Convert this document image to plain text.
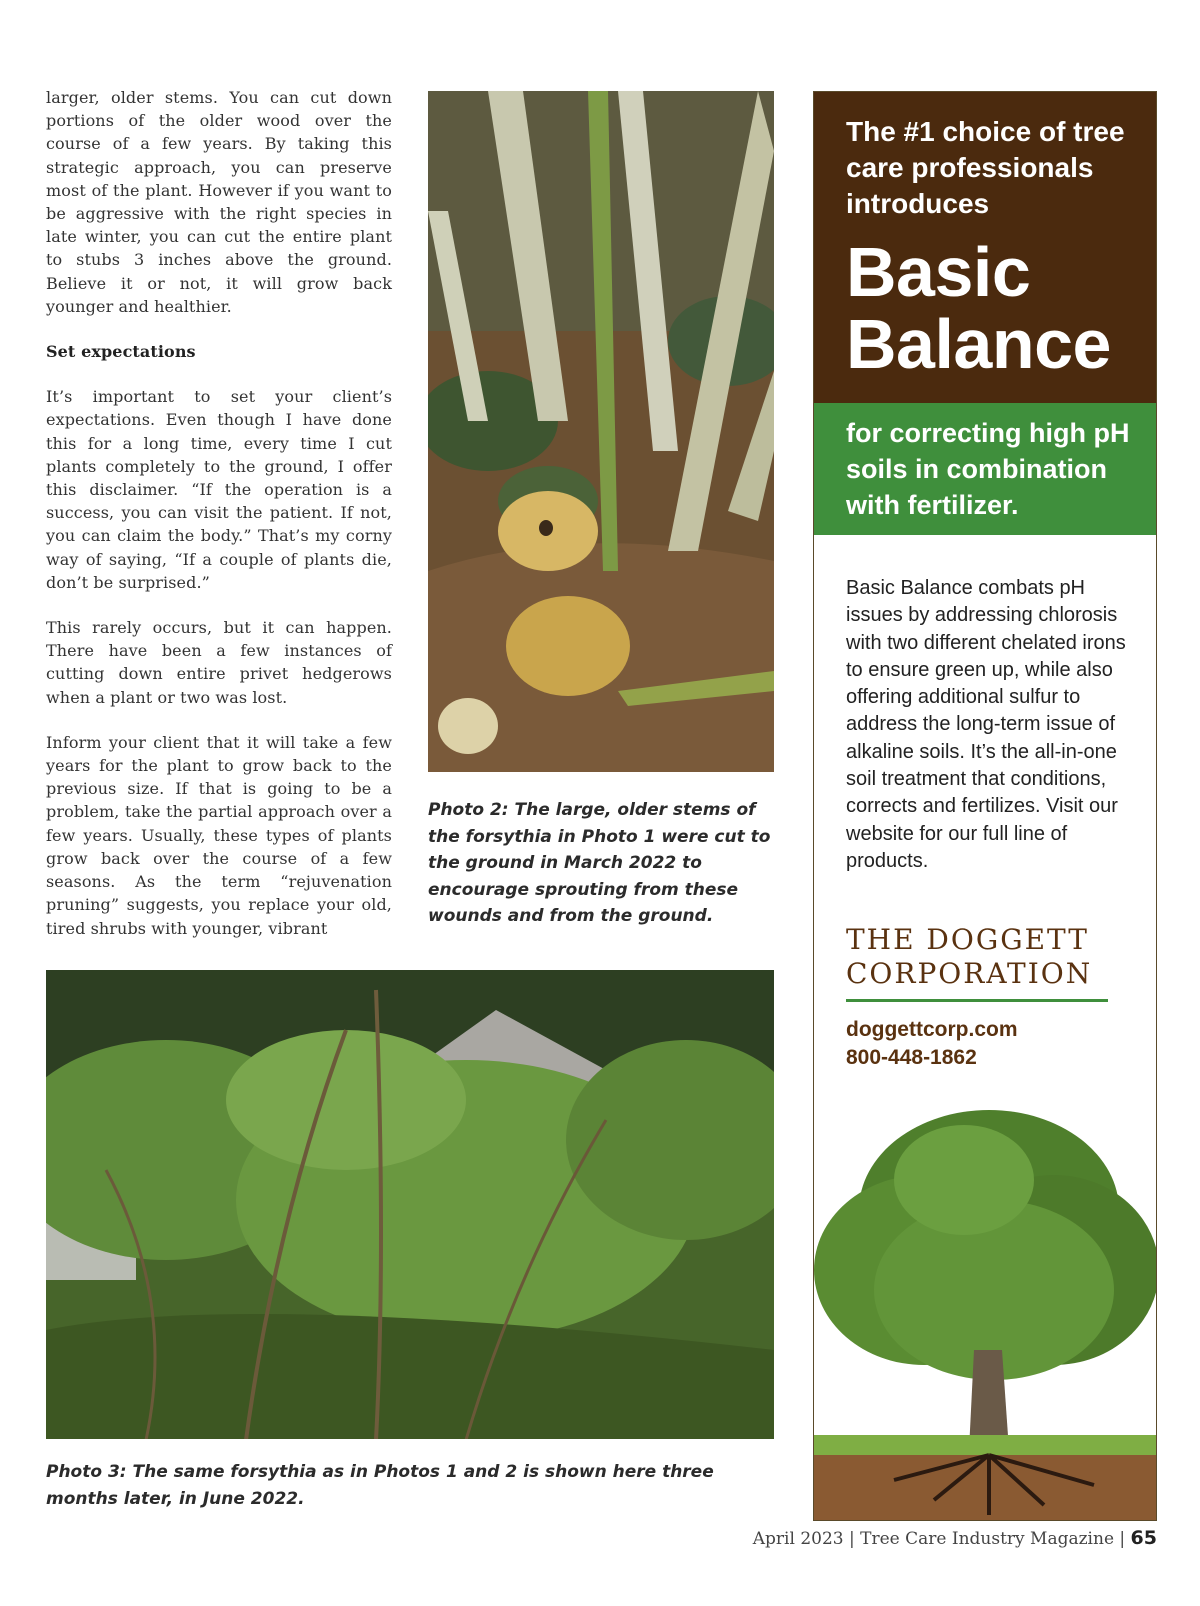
larger, older stems. You can cut down portions of the older wood over the course of a few years. By taking this strategic approach, you can preserve most of the plant. However if you want to be aggressive with the right species in late winter, you can cut the entire plant to stubs 3 inches above the ground. Believe it or not, it will grow back younger and healthier.

Set expectations

It’s important to set your client’s expectations. Even though I have done this for a long time, every time I cut plants completely to the ground, I offer this disclaimer. “If the operation is a success, you can visit the patient. If not, you can claim the body.” That’s my corny way of saying, “If a couple of plants die, don’t be surprised.”

This rarely occurs, but it can happen. There have been a few instances of cutting down entire privet hedgerows when a plant or two was lost.

Inform your client that it will take a few years for the plant to grow back to the previous size. If that is going to be a problem, take the partial approach over a few years. Usually, these types of plants grow back over the course of a few seasons. As the term “rejuvenation pruning” suggests, you replace your old, tired shrubs with younger, vibrant

Photo 2: The large, older stems of the forsythia in Photo 1 were cut to the ground in March 2022 to encourage sprouting from these wounds and from the ground.
Photo 3: The same forsythia as in Photos 1 and 2 is shown here three months later, in June 2022.

The #1 choice of tree care professionals introduces

Basic
Balance

for correcting high pH soils in combination with fertilizer.

Basic Balance combats pH issues by addressing chlorosis with two different chelated irons to ensure green up, while also offering additional sulfur to address the long-term issue of alkaline soils. It’s the all-in-one soil treatment that conditions, corrects and fertilizes. Visit our website for our full line of products.
THE DOGGETT
CORPORATION
doggettcorp.com
800-448-1862
April 2023 | Tree Care Industry Magazine | 65
